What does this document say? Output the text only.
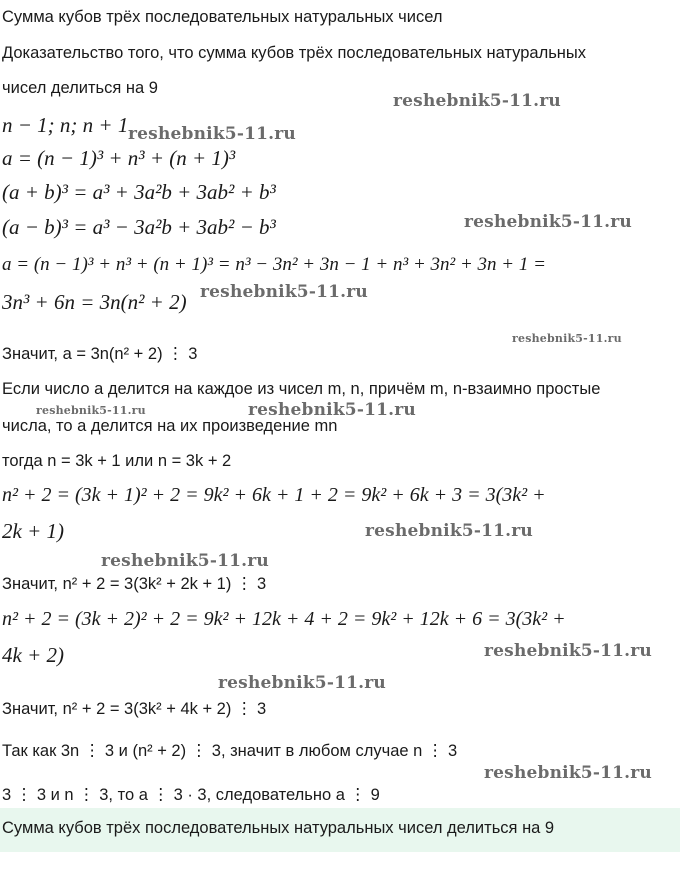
Сумма кубов трёх последовательных натуральных чисел
Доказательство того, что сумма кубов трёх последовательных натуральных
чисел делиться на 9
n − 1; n; n + 1
a = (n − 1)³ + n³ + (n + 1)³
(a + b)³ = a³ + 3a²b + 3ab² + b³
(a − b)³ = a³ − 3a²b + 3ab² − b³
a = (n − 1)³ + n³ + (n + 1)³ = n³ − 3n² + 3n − 1 + n³ + 3n² + 3n + 1 =
3n³ + 6n = 3n(n² + 2)
Значит, a = 3n(n² + 2) ⋮ 3
Если число a делится на каждое из чисел m, n, причём m, n-взаимно простые
числа, то a делится на их произведение mn
тогда n = 3k + 1 или n = 3k + 2
n² + 2 = (3k + 1)² + 2 = 9k² + 6k + 1 + 2 = 9k² + 6k + 3 = 3(3k² +
2k + 1)
Значит, n² + 2 = 3(3k² + 2k + 1) ⋮ 3
n² + 2 = (3k + 2)² + 2 = 9k² + 12k + 4 + 2 = 9k² + 12k + 6 = 3(3k² +
4k + 2)
Значит, n² + 2 = 3(3k² + 4k + 2) ⋮ 3
Так как 3n ⋮ 3 и (n² + 2) ⋮ 3, значит в любом случае n ⋮ 3
3 ⋮ 3 и n ⋮ 3, то a ⋮ 3 · 3, следовательно a ⋮ 9
Сумма кубов трёх последовательных натуральных чисел делиться на 9
reshebnik5-11.ru
reshebnik5-11.ru
reshebnik5-11.ru
reshebnik5-11.ru
reshebnik5-11.ru
reshebnik5-11.ru	reshebnik5-11.ru
reshebnik5-11.ru
reshebnik5-11.ru
reshebnik5-11.ru
reshebnik5-11.ru
reshebnik5-11.ru
